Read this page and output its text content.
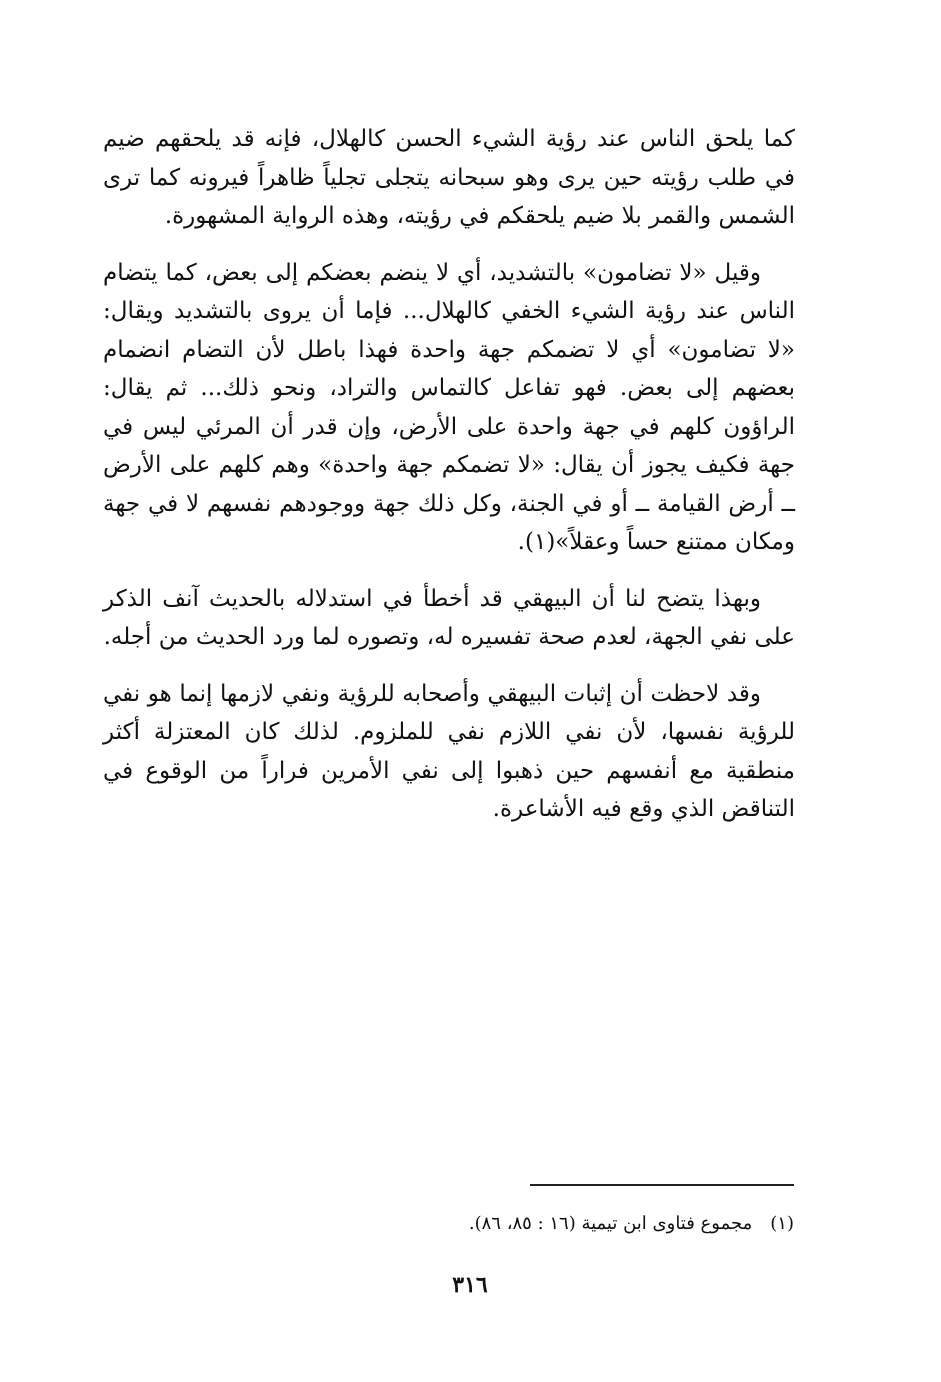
كما يلحق الناس عند رؤية الشيء الحسن كالهلال، فإنه قد يلحقهم ضيم في طلب رؤيته حين يرى وهو سبحانه يتجلى تجلياً ظاهراً فيرونه كما ترى الشمس والقمر بلا ضيم يلحقكم في رؤيته، وهذه الرواية المشهورة.

وقيل «لا تضامون» بالتشديد، أي لا ينضم بعضكم إلى بعض، كما يتضام الناس عند رؤية الشيء الخفي كالهلال... فإما أن يروى بالتشديد ويقال: «لا تضامون» أي لا تضمكم جهة واحدة فهذا باطل لأن التضام انضمام بعضهم إلى بعض. فهو تفاعل كالتماس والتراد، ونحو ذلك... ثم يقال: الراؤون كلهم في جهة واحدة على الأرض، وإن قدر أن المرئي ليس في جهة فكيف يجوز أن يقال: «لا تضمكم جهة واحدة» وهم كلهم على الأرض ــ أرض القيامة ــ أو في الجنة، وكل ذلك جهة ووجودهم نفسهم لا في جهة ومكان ممتنع حساً وعقلاً»(١).

وبهذا يتضح لنا أن البيهقي قد أخطأ في استدلاله بالحديث آنف الذكر على نفي الجهة، لعدم صحة تفسيره له، وتصوره لما ورد الحديث من أجله.

وقد لاحظت أن إثبات البيهقي وأصحابه للرؤية ونفي لازمها إنما هو نفي للرؤية نفسها، لأن نفي اللازم نفي للملزوم. لذلك كان المعتزلة أكثر منطقية مع أنفسهم حين ذهبوا إلى نفي الأمرين فراراً من الوقوع في التناقض الذي وقع فيه الأشاعرة.

(١)مجموع فتاوى ابن تيمية (١٦ : ٨٥، ٨٦).
٣١٦
